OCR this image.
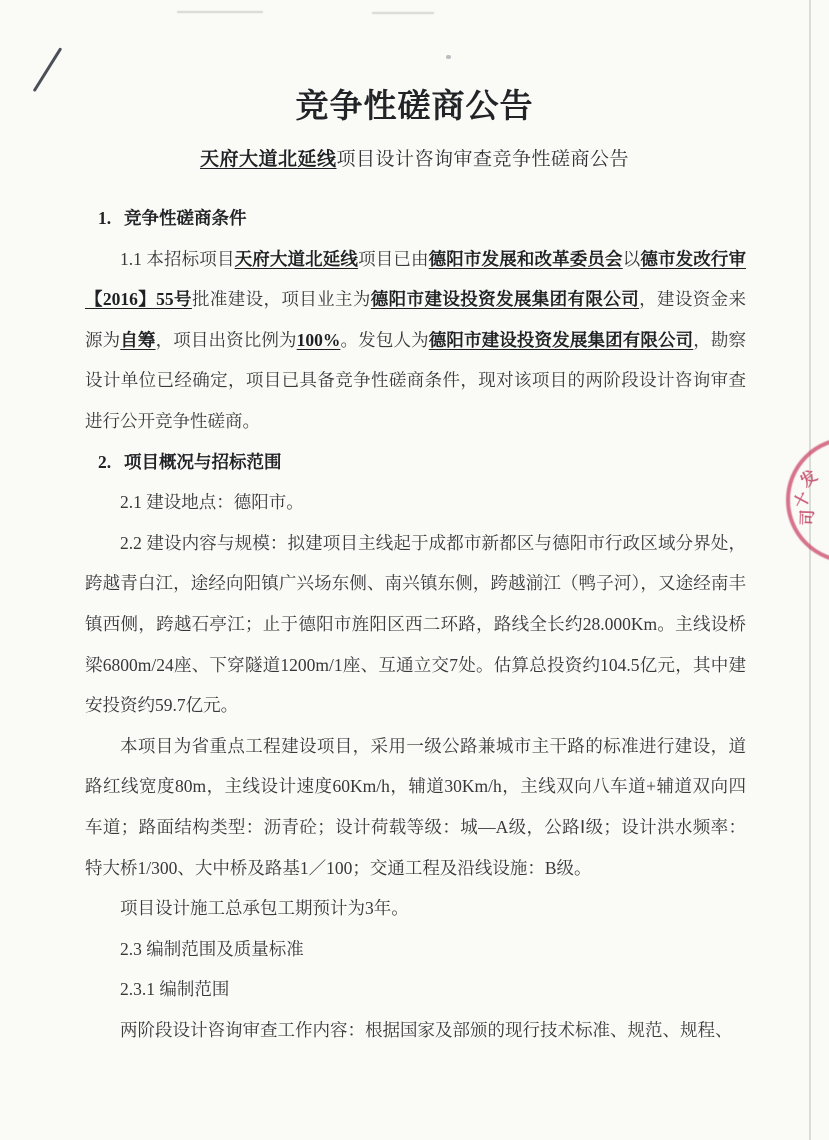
发
十
司
竞争性磋商公告
天府大道北延线项目设计咨询审查竞争性磋商公告
1. 竞争性磋商条件

1.1 本招标项目天府大道北延线项目已由德阳市发展和改革委员会以德市发改行审【2016】55号批准建设，项目业主为德阳市建设投资发展集团有限公司，建设资金来源为自筹，项目出资比例为100%。发包人为德阳市建设投资发展集团有限公司，勘察设计单位已经确定，项目已具备竞争性磋商条件，现对该项目的两阶段设计咨询审查进行公开竞争性磋商。

2. 项目概况与招标范围

2.1 建设地点：德阳市。

2.2 建设内容与规模：拟建项目主线起于成都市新都区与德阳市行政区域分界处，跨越青白江，途经向阳镇广兴场东侧、南兴镇东侧，跨越湔江（鸭子河），又途经南丰镇西侧，跨越石亭江；止于德阳市旌阳区西二环路，路线全长约28.000Km。主线设桥梁6800m/24座、下穿隧道1200m/1座、互通立交7处。估算总投资约104.5亿元，其中建安投资约59.7亿元。

本项目为省重点工程建设项目，采用一级公路兼城市主干路的标准进行建设，道路红线宽度80m，主线设计速度60Km/h，辅道30Km/h，主线双向八车道+辅道双向四车道；路面结构类型：沥青砼；设计荷载等级：城—A级，公路Ⅰ级；设计洪水频率：特大桥1/300、大中桥及路基1／100；交通工程及沿线设施：B级。

项目设计施工总承包工期预计为3年。

2.3 编制范围及质量标准

2.3.1 编制范围

两阶段设计咨询审查工作内容：根据国家及部颁的现行技术标准、规范、规程、
